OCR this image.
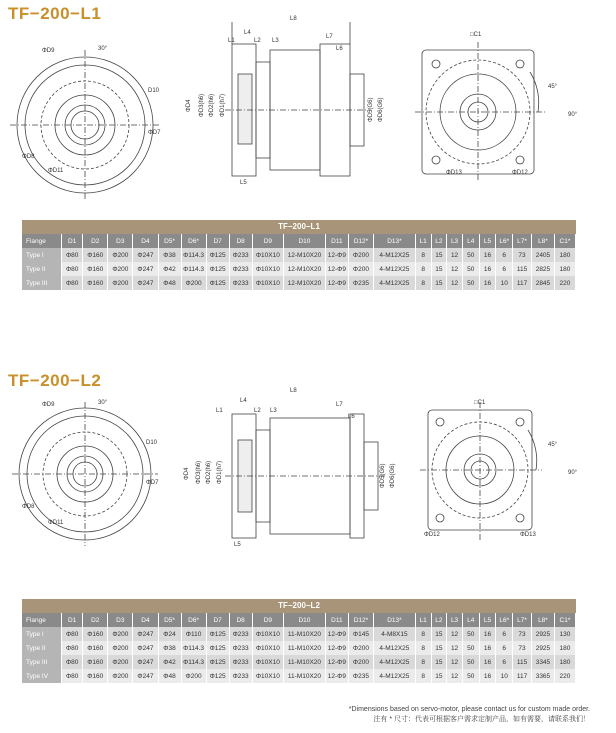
TF−200−L1
ΦD9	30°
D10
ΦD7
ΦD8
ΦD11
L8
L4
L1	L2 L3
L7
L6
L5
ΦD4 ΦD3(h6) ΦD2(h6) ΦD1(h7)	ΦD5(G6) ΦD6(G6)
□C1
45°
90°
ΦD13	ΦD12
TF−200−L1
Flange	D1	D2	D3	D4	D5*	D6*	D7	D8	D9	D10	D11	D12*	D13*	L1	L2	L3	L4	L5	L6*	L7*	L8*	C1*
Type I	Φ80	Φ160	Φ200	Φ247	Φ38	Φ114.3	Φ125	Φ233	Φ10X10	12-M10X20	12-Φ9	Φ200	4-M12X25	8	15	12	50	16	6	73	2405	180
Type II	Φ80	Φ160	Φ200	Φ247	Φ42	Φ114.3	Φ125	Φ233	Φ10X10	12-M10X20	12-Φ9	Φ200	4-M12X25	8	15	12	50	16	6	115	2825	180
Type III	Φ80	Φ160	Φ200	Φ247	Φ48	Φ200	Φ125	Φ233	Φ10X10	12-M10X20	12-Φ9	Φ235	4-M12X25	8	15	12	50	16	10	117	2845	220
TF−200−L2
ΦD9	30°
D10
ΦD7
ΦD8
ΦD11
L8
L4
L1	L2 L3
L7
L6
L5
ΦD4 ΦD3(h6) ΦD2(h6) ΦD1(h7)	ΦD5(G6) ΦD6(G6)
□C1
45°
90°
ΦD12	ΦD13
TF−200−L2
Flange	D1	D2	D3	D4	D5*	D6*	D7	D8	D9	D10	D11	D12*	D13*	L1	L2	L3	L4	L5	L6*	L7*	L8*	C1*
Type I	Φ80	Φ160	Φ200	Φ247	Φ24	Φ110	Φ125	Φ233	Φ10X10	11-M10X20	12-Φ9	Φ145	4-M8X15	8	15	12	50	16	6	73	2925	130
Type II	Φ80	Φ160	Φ200	Φ247	Φ38	Φ114.3	Φ125	Φ233	Φ10X10	11-M10X20	12-Φ9	Φ200	4-M12X25	8	15	12	50	16	6	73	2925	180
Type III	Φ80	Φ160	Φ200	Φ247	Φ42	Φ114.3	Φ125	Φ233	Φ10X10	11-M10X20	12-Φ9	Φ200	4-M12X25	8	15	12	50	16	6	115	3345	180
Type IV	Φ80	Φ160	Φ200	Φ247	Φ48	Φ200	Φ125	Φ233	Φ10X10	11-M10X20	12-Φ9	Φ235	4-M12X25	8	15	12	50	16	10	117	3365	220
*Dimensions based on servo-motor, please contact us for custom made order.
注有 * 尺寸：代表可根据客户需求定制产品，如有需要，请联系我们！
